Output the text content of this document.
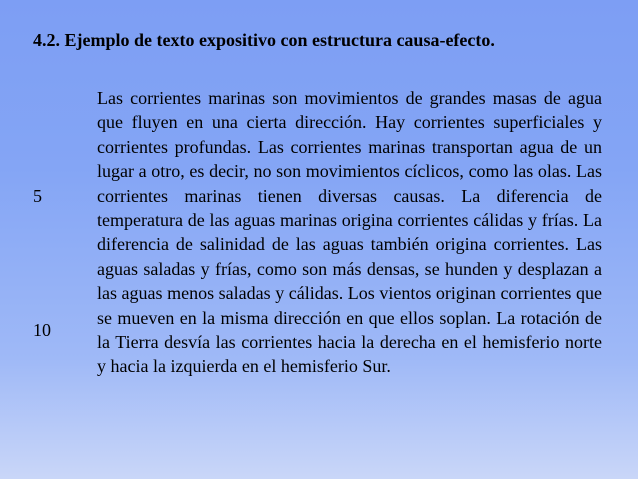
4.2. Ejemplo de texto expositivo con estructura causa-efecto.
5
10

Las corrientes marinas son movimientos de grandes masas de agua que fluyen en una cierta dirección. Hay corrientes superficiales y corrientes profundas. Las corrientes marinas transportan agua de un lugar a otro, es decir, no son movimientos cíclicos, como las olas. Las corrientes marinas tienen diversas causas. La diferencia de temperatura de las aguas marinas origina corrientes cálidas y frías. La diferencia de salinidad de las aguas también origina corrientes. Las aguas saladas y frías, como son más densas, se hunden y desplazan a las aguas menos saladas y cálidas. Los vientos originan corrientes que se mueven en la misma dirección en que ellos soplan. La rotación de la Tierra desvía las corrientes hacia la derecha en el hemisferio norte y hacia la izquierda en el hemisferio Sur.
